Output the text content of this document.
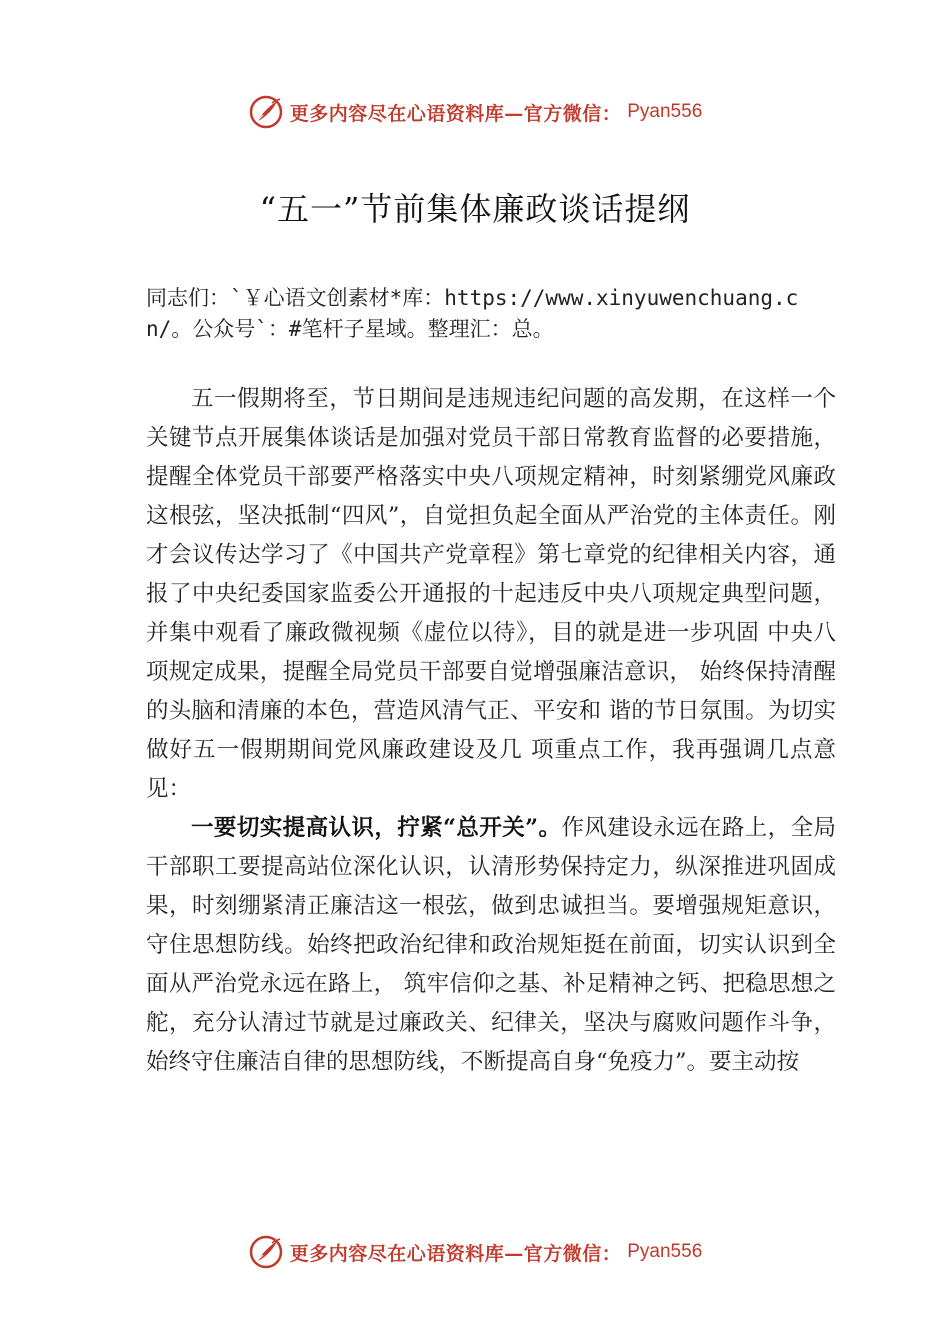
更多内容尽在心语资料库—官方微信： Pyan556
“五一”节前集体廉政谈话提纲
同志们：`￥心语文创素材*库：https://www.xinyuwenchuang.cn/。公众号`：#笔杆子星域。整理汇：总。

五一假期将至，节日期间是违规违纪问题的高发期，在这样一个关键节点开展集体谈话是加强对党员干部日常教育监督的必要措施，提醒全体党员干部要严格落实中央八项规定精神，时刻紧绷党风廉政这根弦，坚决抵制“四风”，自觉担负起全面从严治党的主体责任。刚才会议传达学习了《中国共产党章程》第七章党的纪律相关内容，通报了中央纪委国家监委公开通报的十起违反中央八项规定典型问题， 并集中观看了廉政微视频《虚位以待》，目的就是进一步巩固 中央八项规定成果，提醒全局党员干部要自觉增强廉洁意识， 始终保持清醒的头脑和清廉的本色，营造风清气正、平安和 谐的节日氛围。为切实做好五一假期期间党风廉政建设及几 项重点工作，我再强调几点意见：

一要切实提高认识，拧紧“总开关”。作风建设永远在路上，全局干部职工要提高站位深化认识，认清形势保持定力，纵深推进巩固成果，时刻绷紧清正廉洁这一根弦，做到忠诚担当。要增强规矩意识，守住思想防线。始终把政治纪律和政治规矩挺在前面，切实认识到全面从严治党永远在路上， 筑牢信仰之基、补足精神之钙、把稳思想之舵，充分认清过节就是过廉政关、纪律关，坚决与腐败问题作斗争，始终守住廉洁自律的思想防线，不断提高自身“免疫力”。要主动按

更多内容尽在心语资料库—官方微信： Pyan556
